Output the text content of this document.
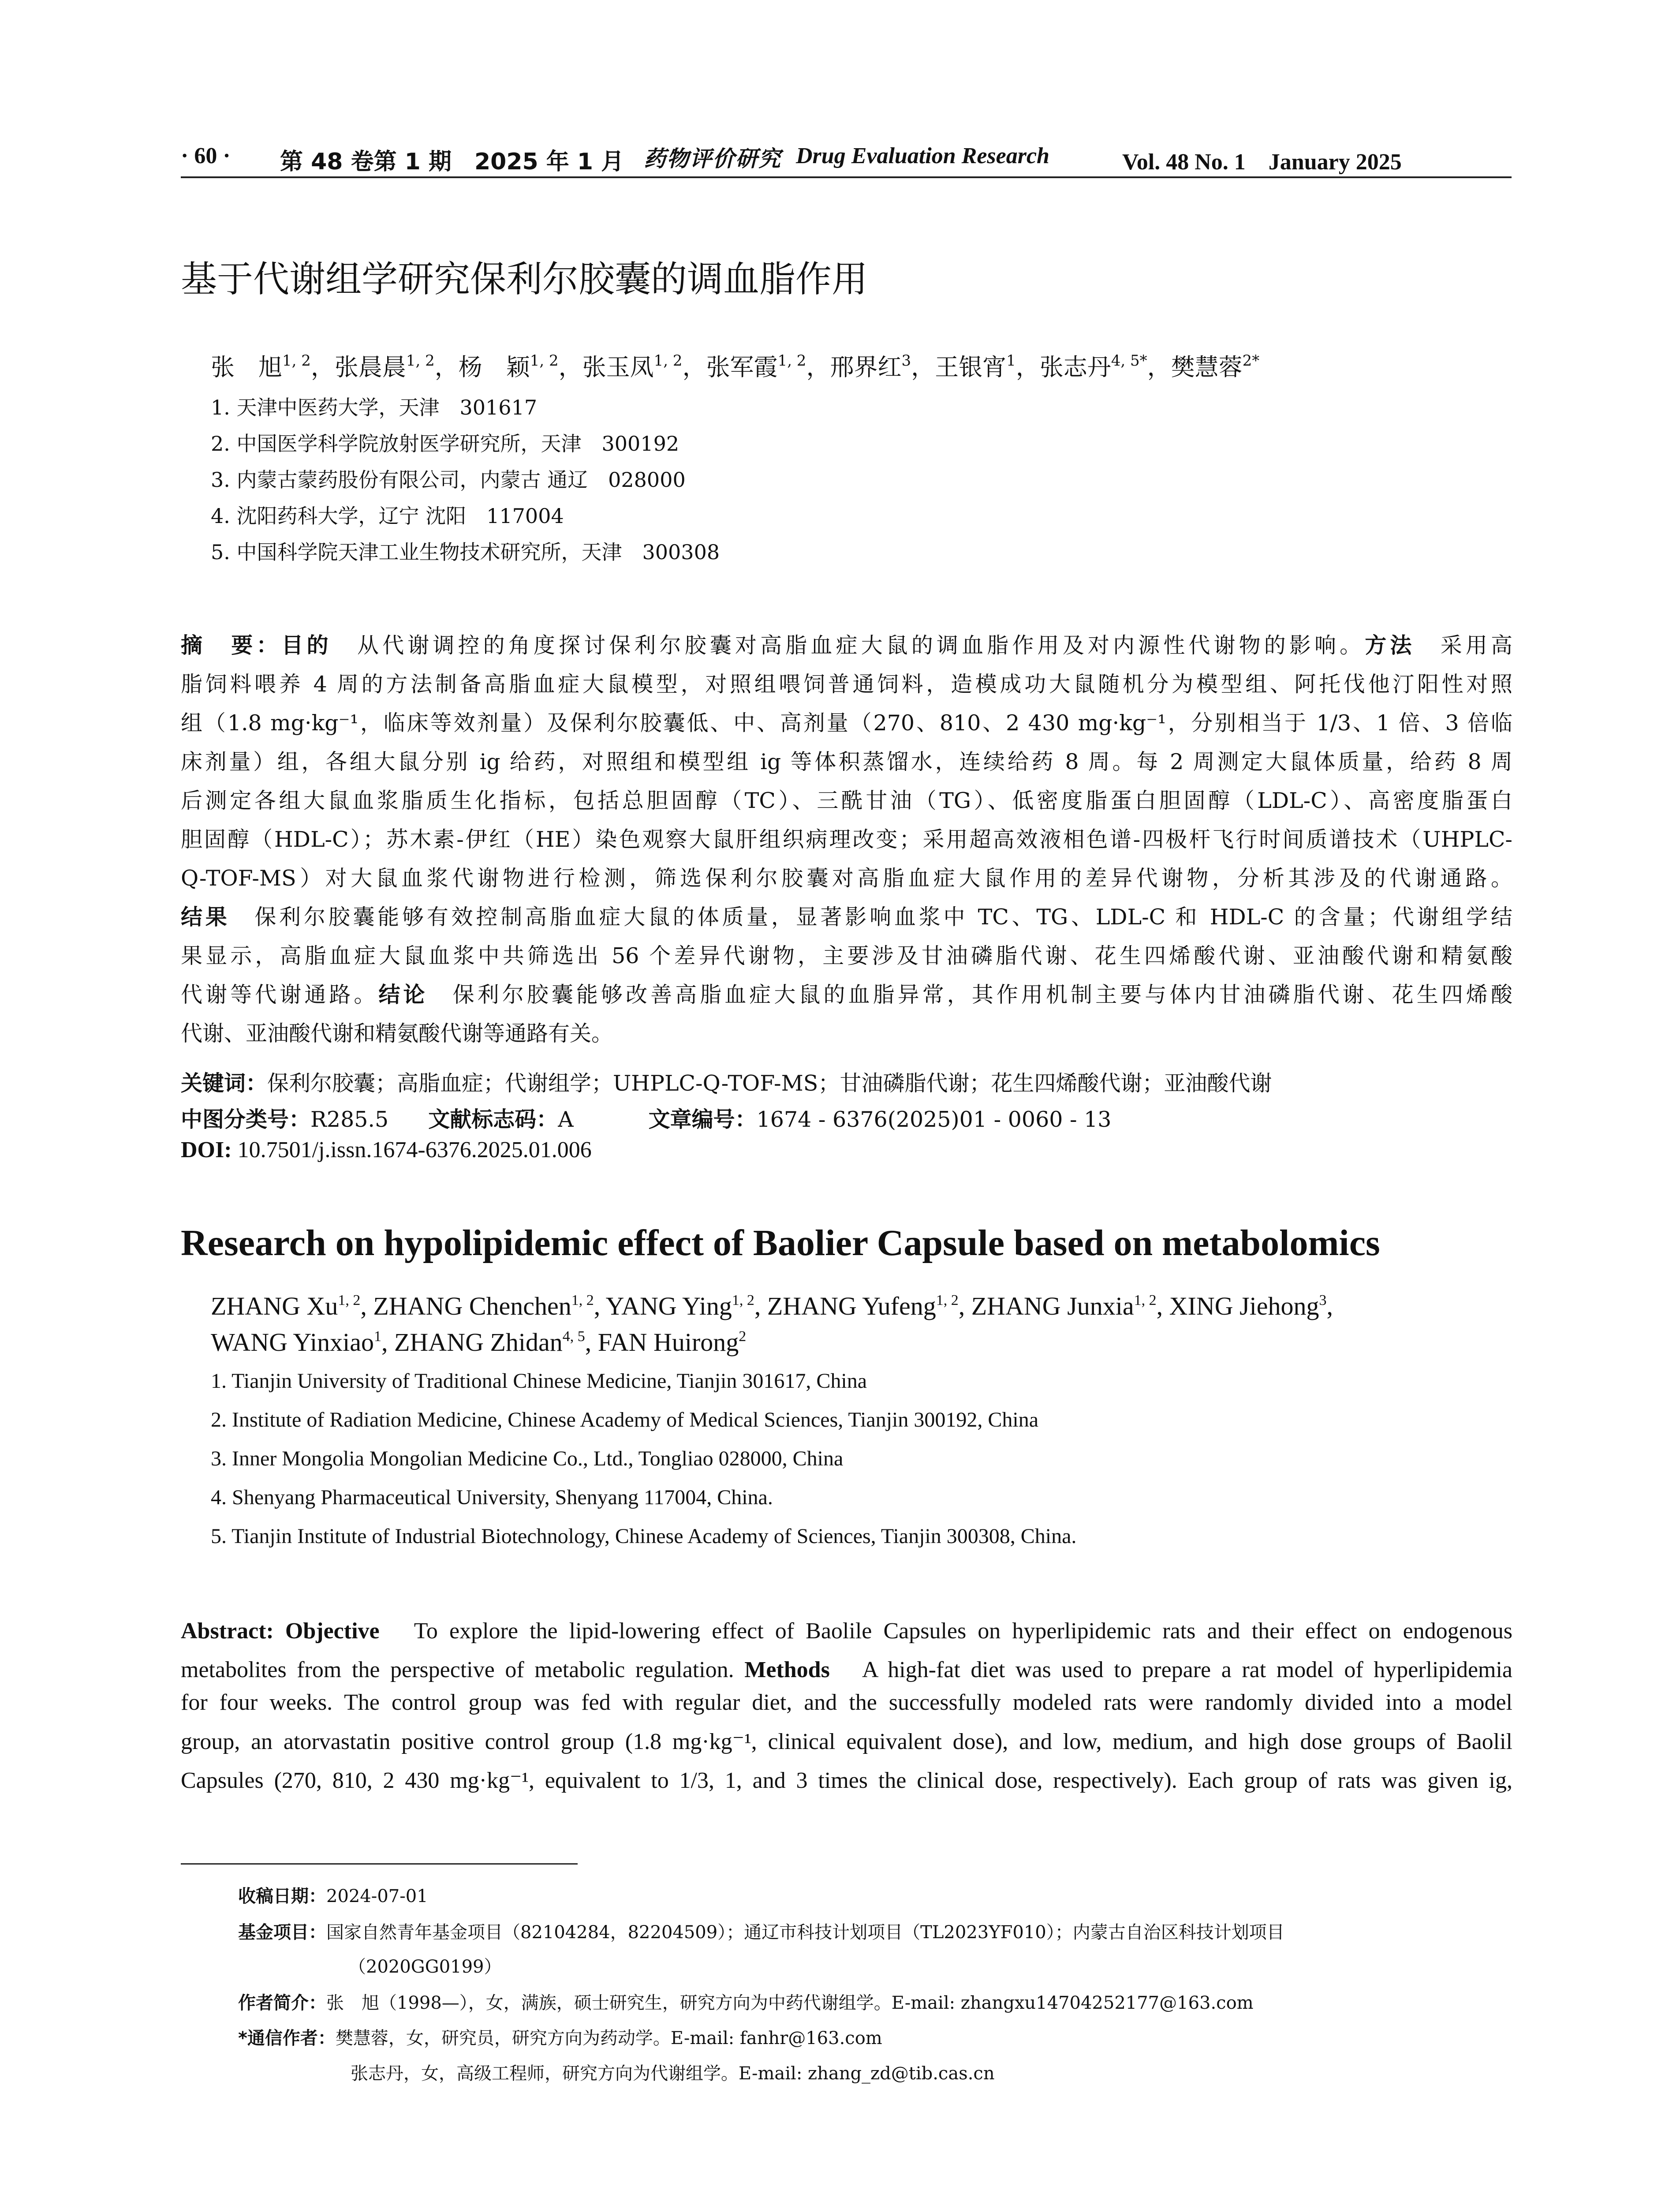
· 60 · 第 48 卷第 1 期　2025 年 1 月 药物评价研究 Drug Evaluation Research	Vol. 48 No. 1　January 2025
基于代谢组学研究保利尔胶囊的调血脂作用
张　旭$^{1, 2}$，张晨晨$^{1, 2}$，杨　颖$^{1, 2}$，张玉凤$^{1, 2}$，张军霞$^{1, 2}$，邢界红$^3$，王银宵$^1$，张志丹$^{4, 5*}$，樊慧蓉$^{2*}$
1. 天津中医药大学，天津　301617
2. 中国医学科学院放射医学研究所，天津　300192
3. 内蒙古蒙药股份有限公司，内蒙古 通辽　028000
4. 沈阳药科大学，辽宁 沈阳　117004
5. 中国科学院天津工业生物技术研究所，天津　300308
摘　要：目的　从代谢调控的角度探讨保利尔胶囊对高脂血症大鼠的调血脂作用及对内源性代谢物的影响。方法　采用高
脂饲料喂养 4 周的方法制备高脂血症大鼠模型，对照组喂饲普通饲料，造模成功大鼠随机分为模型组、阿托伐他汀阳性对照
组（1.8 mg·kg⁻¹，临床等效剂量）及保利尔胶囊低、中、高剂量（270、810、2 430 mg·kg⁻¹，分别相当于 1/3、1 倍、3 倍临
床剂量）组，各组大鼠分别 ig 给药，对照组和模型组 ig 等体积蒸馏水，连续给药 8 周。每 2 周测定大鼠体质量，给药 8 周
后测定各组大鼠血浆脂质生化指标，包括总胆固醇（TC）、三酰甘油（TG）、低密度脂蛋白胆固醇（LDL-C）、高密度脂蛋白
胆固醇（HDL-C）；苏木素-伊红（HE）染色观察大鼠肝组织病理改变；采用超高效液相色谱-四极杆飞行时间质谱技术（UHPLC-
Q-TOF-MS）对大鼠血浆代谢物进行检测，筛选保利尔胶囊对高脂血症大鼠作用的差异代谢物，分析其涉及的代谢通路。
结果　保利尔胶囊能够有效控制高脂血症大鼠的体质量，显著影响血浆中 TC、TG、LDL-C 和 HDL-C 的含量；代谢组学结
果显示，高脂血症大鼠血浆中共筛选出 56 个差异代谢物，主要涉及甘油磷脂代谢、花生四烯酸代谢、亚油酸代谢和精氨酸
代谢等代谢通路。结论　保利尔胶囊能够改善高脂血症大鼠的血脂异常，其作用机制主要与体内甘油磷脂代谢、花生四烯酸
代谢、亚油酸代谢和精氨酸代谢等通路有关。
关键词：保利尔胶囊；高脂血症；代谢组学；UHPLC-Q-TOF-MS；甘油磷脂代谢；花生四烯酸代谢；亚油酸代谢
中图分类号：R285.5 文献标志码：A	文章编号：1674 - 6376(2025)01 - 0060 - 13
DOI: 10.7501/j.issn.1674-6376.2025.01.006
Research on hypolipidemic effect of Baolier Capsule based on metabolomics
ZHANG Xu$^{1, 2}$, ZHANG Chenchen$^{1, 2}$, YANG Ying$^{1, 2}$, ZHANG Yufeng$^{1, 2}$, ZHANG Junxia$^{1, 2}$, XING Jiehong$^3$,
WANG Yinxiao$^1$, ZHANG Zhidan$^{4, 5}$, FAN Huirong$^2$
1. Tianjin University of Traditional Chinese Medicine, Tianjin 301617, China
2. Institute of Radiation Medicine, Chinese Academy of Medical Sciences, Tianjin 300192, China
3. Inner Mongolia Mongolian Medicine Co., Ltd., Tongliao 028000, China
4. Shenyang Pharmaceutical University, Shenyang 117004, China.
5. Tianjin Institute of Industrial Biotechnology, Chinese Academy of Sciences, Tianjin 300308, China.
Abstract: Objective　To explore the lipid-lowering effect of Baolile Capsules on hyperlipidemic rats and their effect on endogenous
metabolites from the perspective of metabolic regulation. Methods　A high-fat diet was used to prepare a rat model of hyperlipidemia
for four weeks. The control group was fed with regular diet, and the successfully modeled rats were randomly divided into a model
group, an atorvastatin positive control group (1.8 mg·kg⁻¹, clinical equivalent dose), and low, medium, and high dose groups of Baolil
Capsules (270, 810, 2 430 mg·kg⁻¹, equivalent to 1/3, 1, and 3 times the clinical dose, respectively). Each group of rats was given ig,
收稿日期：2024-07-01
基金项目：国家自然青年基金项目（82104284，82204509）；通辽市科技计划项目（TL2023YF010）；内蒙古自治区科技计划项目
（2020GG0199）
作者简介：张　旭（1998—），女，满族，硕士研究生，研究方向为中药代谢组学。E-mail: zhangxu14704252177@163.com
*通信作者：樊慧蓉，女，研究员，研究方向为药动学。E-mail: fanhr@163.com
张志丹，女，高级工程师，研究方向为代谢组学。E-mail: zhang_zd@tib.cas.cn
